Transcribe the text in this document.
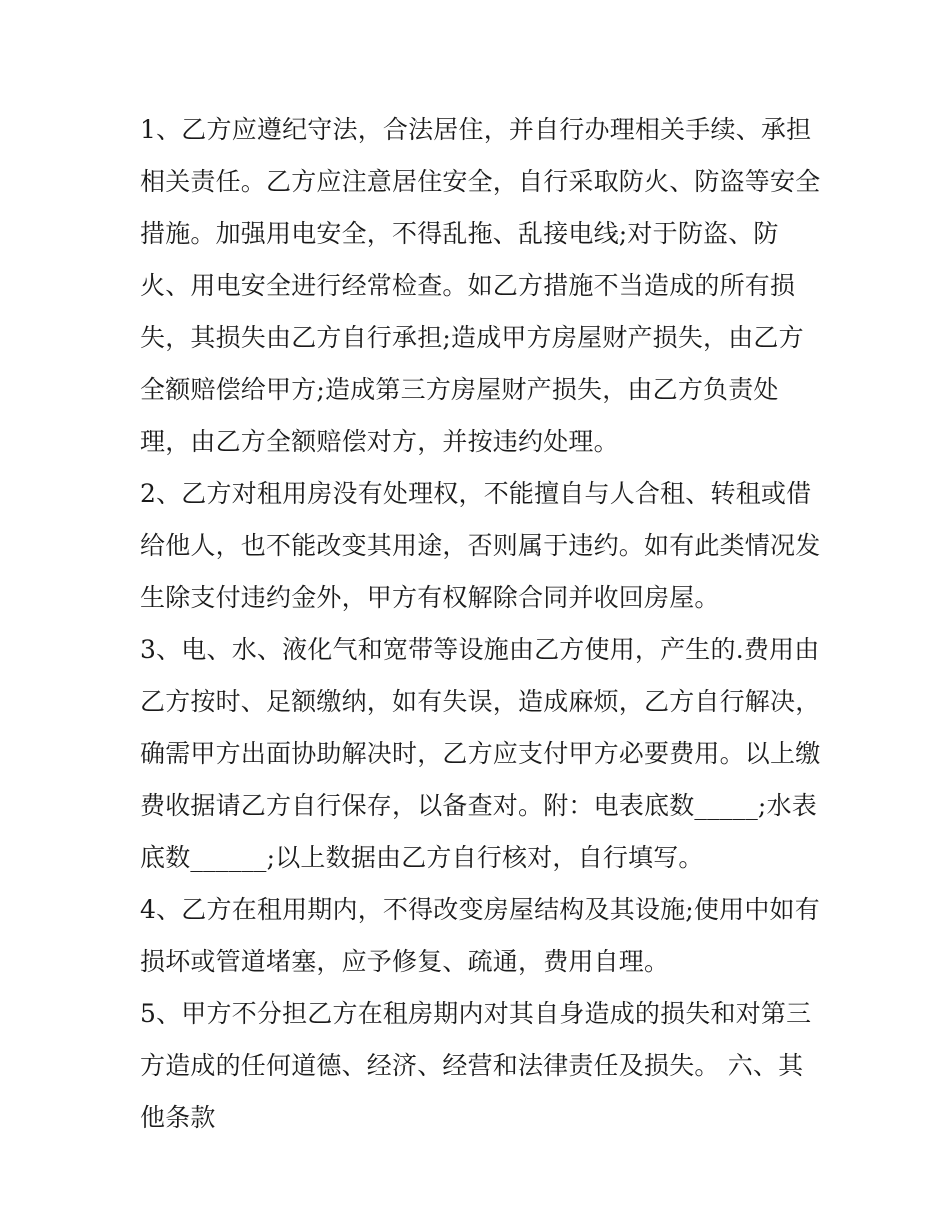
1、乙方应遵纪守法，合法居住，并自行办理相关手续、承担
相关责任。乙方应注意居住安全，自行采取防火、防盗等安全
措施。加强用电安全，不得乱拖、乱接电线;对于防盗、防
火、用电安全进行经常检查。如乙方措施不当造成的所有损
失，其损失由乙方自行承担;造成甲方房屋财产损失，由乙方
全额赔偿给甲方;造成第三方房屋财产损失，由乙方负责处
理，由乙方全额赔偿对方，并按违约处理。
2、乙方对租用房没有处理权，不能擅自与人合租、转租或借
给他人，也不能改变其用途，否则属于违约。如有此类情况发
生除支付违约金外，甲方有权解除合同并收回房屋。
3、电、水、液化气和宽带等设施由乙方使用，产生的.费用由
乙方按时、足额缴纳，如有失误，造成麻烦，乙方自行解决，
确需甲方出面协助解决时，乙方应支付甲方必要费用。以上缴
费收据请乙方自行保存，以备查对。附：电表底数_____;水表
底数______;以上数据由乙方自行核对，自行填写。
4、乙方在租用期内，不得改变房屋结构及其设施;使用中如有
损坏或管道堵塞，应予修复、疏通，费用自理。
5、甲方不分担乙方在租房期内对其自身造成的损失和对第三
方造成的任何道德、经济、经营和法律责任及损失。 六、其
他条款
